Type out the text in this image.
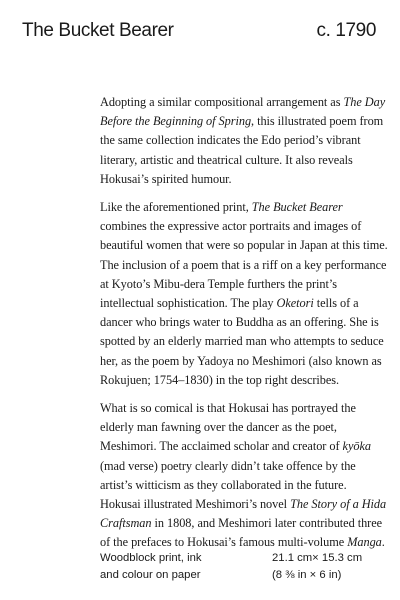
The Bucket Bearer	c. 1790

Adopting a similar compositional arrangement as The Day Before the Beginning of Spring, this illustrated poem from the same collection indicates the Edo period’s vibrant literary, artistic and theatrical culture. It also reveals Hokusai’s spirited humour.

Like the aforementioned print, The Bucket Bearer combines the expressive actor portraits and images of beautiful women that were so popular in Japan at this time. The inclusion of a poem that is a riff on a key performance at Kyoto’s Mibu-dera Temple furthers the print’s intellectual sophistication. The play Oketori tells of a dancer who brings water to Buddha as an offering. She is spotted by an elderly married man who attempts to seduce her, as the poem by Yadoya no Meshimori (also known as Rokujuen; 1754–1830) in the top right describes.

What is so comical is that Hokusai has portrayed the elderly man fawning over the dancer as the poet, Meshimori. The acclaimed scholar and creator of kyōka (mad verse) poetry clearly didn’t take offence by the artist’s witticism as they collaborated in the future. Hokusai illustrated Meshimori’s novel The Story of a Hida Craftsman in 1808, and Meshimori later contributed three of the prefaces to Hokusai’s famous multi-volume Manga.

Woodblock print, ink
and colour on paper
21.1 cm× 15.3 cm
(8 ⅜ in × 6 in)
